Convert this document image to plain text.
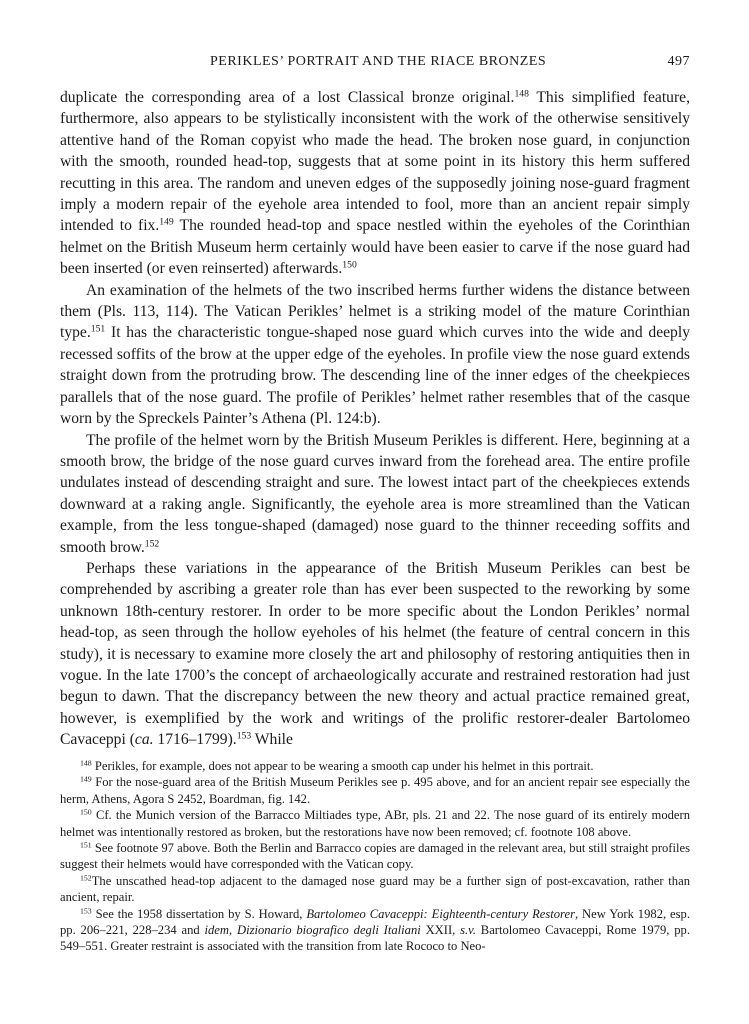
PERIKLES’ PORTRAIT AND THE RIACE BRONZES	497

duplicate the corresponding area of a lost Classical bronze original.$^{148}$ This simplified feature, furthermore, also appears to be stylistically inconsistent with the work of the otherwise sensitively attentive hand of the Roman copyist who made the head. The broken nose guard, in conjunction with the smooth, rounded head-top, suggests that at some point in its history this herm suffered recutting in this area. The random and uneven edges of the supposedly joining nose-guard fragment imply a modern repair of the eyehole area intended to fool, more than an ancient repair simply intended to fix.$^{149}$ The rounded head-top and space nestled within the eyeholes of the Corinthian helmet on the British Museum herm certainly would have been easier to carve if the nose guard had been inserted (or even reinserted) afterwards.$^{150}$

An examination of the helmets of the two inscribed herms further widens the distance between them (Pls. 113, 114). The Vatican Perikles’ helmet is a striking model of the mature Corinthian type.$^{151}$ It has the characteristic tongue-shaped nose guard which curves into the wide and deeply recessed soffits of the brow at the upper edge of the eyeholes. In profile view the nose guard extends straight down from the protruding brow. The descending line of the inner edges of the cheekpieces parallels that of the nose guard. The profile of Perikles’ helmet rather resembles that of the casque worn by the Spreckels Painter’s Athena (Pl. 124:b).

The profile of the helmet worn by the British Museum Perikles is different. Here, beginning at a smooth brow, the bridge of the nose guard curves inward from the forehead area. The entire profile undulates instead of descending straight and sure. The lowest intact part of the cheekpieces extends downward at a raking angle. Significantly, the eyehole area is more streamlined than the Vatican example, from the less tongue-shaped (damaged) nose guard to the thinner receeding soffits and smooth brow.$^{152}$

Perhaps these variations in the appearance of the British Museum Perikles can best be comprehended by ascribing a greater role than has ever been suspected to the reworking by some unknown 18th-century restorer. In order to be more specific about the London Perikles’ normal head-top, as seen through the hollow eyeholes of his helmet (the feature of central concern in this study), it is necessary to examine more closely the art and philosophy of restoring antiquities then in vogue. In the late 1700’s the concept of archaeologically accurate and restrained restoration had just begun to dawn. That the discrepancy between the new theory and actual practice remained great, however, is exemplified by the work and writings of the prolific restorer-dealer Bartolomeo Cavaceppi (ca. 1716–1799).$^{153}$ While

$^{148}$ Perikles, for example, does not appear to be wearing a smooth cap under his helmet in this portrait.

$^{149}$ For the nose-guard area of the British Museum Perikles see p. 495 above, and for an ancient repair see especially the herm, Athens, Agora S 2452, Boardman, fig. 142.

$^{150}$ Cf. the Munich version of the Barracco Miltiades type, ABr, pls. 21 and 22. The nose guard of its entirely modern helmet was intentionally restored as broken, but the restorations have now been removed; cf. footnote 108 above.

$^{151}$ See footnote 97 above. Both the Berlin and Barracco copies are damaged in the relevant area, but still straight profiles suggest their helmets would have corresponded with the Vatican copy.

$^{152}$The unscathed head-top adjacent to the damaged nose guard may be a further sign of post-excavation, rather than ancient, repair.

$^{153}$ See the 1958 dissertation by S. Howard, Bartolomeo Cavaceppi: Eighteenth-century Restorer, New York 1982, esp. pp. 206–221, 228–234 and idem, Dizionario biografico degli Italiani XXII, s.v. Bartolomeo Cavaceppi, Rome 1979, pp. 549–551. Greater restraint is associated with the transition from late Rococo to Neo-
